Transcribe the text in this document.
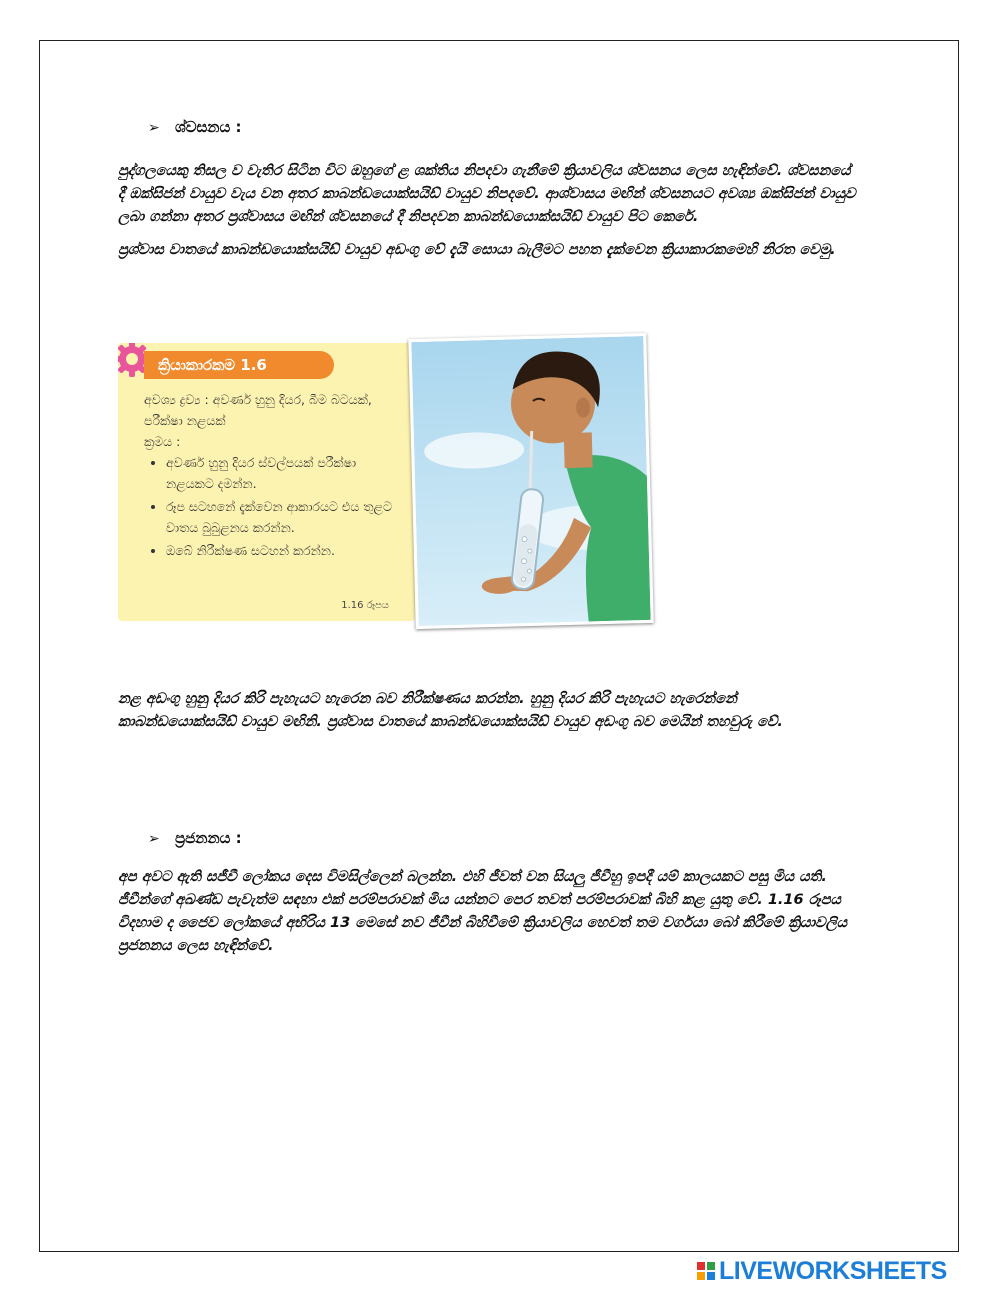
➢ ශ්වසනය :

පුද්ගලයෙකු තිසල ව වැතිර සිටින විට ඔහුගේ ළ ශක්තිය නිපදවා ගැනීමේ ක්‍රියාවලිය ශ්වසනය ලෙස හැඳින්වේ. ශ්වසනයේ දී ඔක්සිජන් වායුව වැය වන අතර කාබන්ඩයොක්සයිඩ් වායුව නිපදවේ. ආශ්වාසය මඟින් ශ්වසනයට අවශ්‍ය ඔක්සිජන් වායුව ලබා ගන්නා අතර ප්‍රශ්වාසය මඟින් ශ්වසනයේ දී නිපදවන කාබන්ඩයොක්සයිඩ් වායුව පිට කෙරේ.

ප්‍රශ්වාස වාතයේ කාබන්ඩයොක්සයිඩ් වායුව අඩංගු වේ දැයි සොයා බැලීමට පහත දැක්වෙන ක්‍රියාකාරකමෙහි නිරත වෙමු.

ක්‍රියාකාරකම 1.6

අවශ්‍ය ද්‍රව්‍ය : අවර්ණ හුනු දියර, බීම බටයක්, පරීක්ෂා නළයක්

ක්‍රමය :

• අවර්ණ හුනු දියර ස්වල්පයක් පරීක්ෂා නළයකට දමන්න.
• රූප සටහනේ දැක්වෙන ආකාරයට එය තුළට වාතය බුබුළනය කරන්න.
• ඔබේ නිරීක්ෂණ සටහන් කරන්න.
1.16 රූපය

නළ අඩංගු හුනු දියර කිරි පැහැයට හැරෙන බව නිරීක්ෂණය කරන්න. හුනු දියර කිරි පැහැයට හැරෙන්නේ කාබන්ඩයොක්සයිඩ් වායුව මඟිනි. ප්‍රශ්වාස වාතයේ කාබන්ඩයොක්සයිඩ් වායුව අඩංගු බව මෙයින් තහවුරු වේ.

➢ ප්‍රජනනය :

අප අවට ඇති සජීවී ලෝකය දෙස විමසිල්ලෙන් බලන්න. එහි ජීවත් වන සියලු ජීවීහු ඉපදී යම් කාලයකට පසු මිය යති. ජීවීන්ගේ අඛණ්ඩ පැවැත්ම සඳහා එක් පරම්පරාවක් මිය යන්නට පෙර තවත් පරම්පරාවක් බිහි කළ යුතු වේ. 1.16 රූපය විදහාම ද ජෛව ලෝකයේ අභිරිය 13 මෙසේ නව ජීවීන් බිහිවීමේ ක්‍රියාවලිය හෙවත් තම වර්ගයා බෝ කිරීමේ ක්‍රියාවලිය ප්‍රජනනය ලෙස හැඳින්වේ.

LIVEWORKSHEETS
